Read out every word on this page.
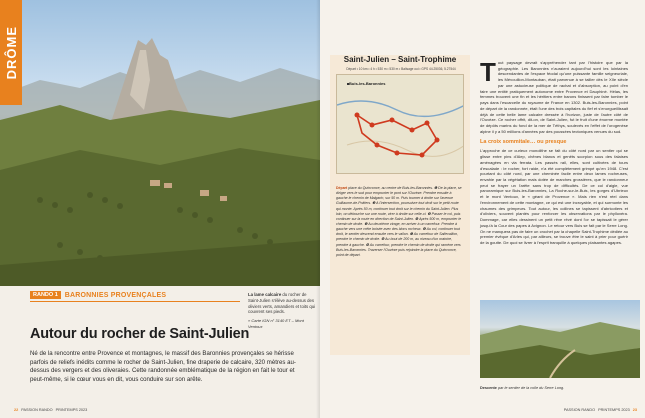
DRÔME
RANDO 1	BARONNIES PROVENÇALES	La lame calcaire du rocher de Saint-Julien s'élève au-dessus des oliviers verts, amandiers et toits qui couvrent ses pieds.
« Carte IGN n° 3140 ET – Mont Ventoux
Autour du rocher de Saint-Julien

Né de la rencontre entre Provence et montagnes, le massif des Baronnies provençales se hérisse parfois de reliefs inédits comme le rocher de Saint-Julien, fine draperie de calcaire, 320 mètres au-dessus des vergers et des oliveraies. Cette randonnée emblématique de la région en fait le tour et peut-même, si le cœur vous en dit, vous conduire sur son arête.

22 PASSION RANDO PRINTEMPS 2023
Saint-Julien – Saint-Trophime
Départ • 10 km • 4 h • 530 m • 530 m • Balisage oui • GPS 44.25036, 5.27544
Buis-les-Baronnies
Départ place du Quinconce, au centre de Buis-les-Baronnies. ❶ De la place, se diriger vers le sud pour emprunter le pont sur l'Ouvèze. Prendre ensuite à gauche le chemin de Malgarin, sur 50 m. Puis tourner à droite sur l'avenue Guillaume-de-Poitiers. ❷ A l'intersection, poursuivre tout droit sur le petit route qui monte. Après 50 m, continuer tout droit sur le chemin du Saint-Julien. Plus loin, on débouche sur une route, virer à droite sur celle-ci. ❸ Passer le col, puis continuer sur la route en direction de Saint-Julien. ❹ Après 500 m, emprunter le chemin de droite. ❺ Au deuxième virage, en arriver à un carrefour. Prendre à gauche vers une crête boisée avec des blocs rocheux. ❻ Au col, continuer tout droit, le sentier descend ensuite vers le vallon. ❼ Au carrefour de Sallevaillon, prendre le chemin de droite. ❽ Au bout de 200 m, au niveau d'un oratoire, prendre à gauche. ❾ Au carrefour, prendre le chemin de droite qui ramène vers Buis-les-Baronnies. Traverser l'Ouvèze puis rejoindre la place du Quinconce, point de départ.
T out paysage devrait s'appréhender tant par l'histoire que par la géographie. Les Baronnies n'auraient aujourd'hui sont les lointaines descendantes de l'espace féodal qu'une puissante famille seigneuriale, les Mévouillon-Montauban, était parvenue à se tailler dès le XIIe siècle par une astucieuse politique de rachat et d'absorption, au point d'en faire une entité pratiquement autonome entre Provence et Dauphiné. Hélas, les femmes trouvent une fin et les héritiers entre barons finissent par faire tomber le pays dans l'escarcelle du royaume de France en 1302. Buis-les-Baronnies, point de départ de la randonnée, était l'une des trois capitales du fief et s'enorgueillissait déjà de cette belle lame calcaire dressée à l'horizon, juste de l'autre côté de l'Ouvèze. Ce rocher offrit, dit-on, de Saint-Julien, fut le fruit d'une énorme montée de dépôts marins du fond de la mer de Téthys, soulevés en l'effet de l'orogenèse alpine il y a 50 millions d'années par des poussées tectoniques venues du sud.

La croix sommitale… ou presque

L'approche de ce curieux monolithe se fait du côté nord par un sentier qui se glisse entre pins d'Alep, chênes blancs et genêts scorpion sous des falaises aménagées en via ferrata. Les passés rail, elles, sont cultivées de tours d'escalade : le rocher, fort raide, n'a été complètement grimpé qu'en 1948. C'est pourtant du côté nord, par une cheminée facile entre deux lames rocheuses, envahie par la végétation mais dotée de marches grossières, que le randonneur peut se frayer un l'arête sans trop de difficultés. De ce col d'aigle, vue panoramique sur Buis-les-Baronnies, La Roche-sur-le-Buis, les gorges d'Ubrieux et le mont Ventoux, le « géant de Provence ». Mais rien n'est réel dans l'environnement de cette montagne, ce qui est une incroyable, et qui surmonte les chaumes des grimpeurs. Tout autour, les collines se tapissent d'abricotiers et d'oliviers, souvent plantés pour renforcer les observations par le phylloxéra. Dommage, car elles dessinent un petit rêve rêvé dont l'or se tapissait le gérer jusqu'à la Cour des papes à Avignon. Le retour vers Buis se fait par le Serre Long. On ne manquera pas de faire un crochet par la chapelle Saint-Trophime dédiée au premier évêque d'Arles qui, par ailleurs, se trouve être le saint à prier pour guérir de la goutte. De quoi se livrer à l'esprit tranquille à quelques plaisantes agapes.

Descente par le sentier de la colle du Serre Long.
PASSION RANDO PRINTEMPS 2023 23
